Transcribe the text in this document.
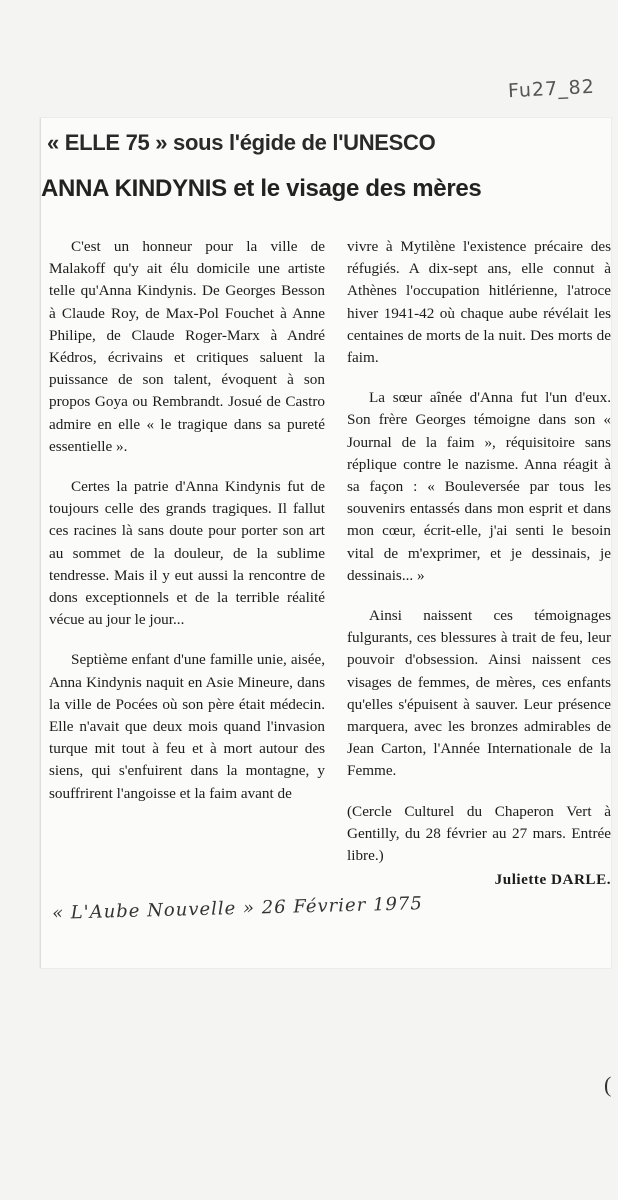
Fu27_82
« ELLE 75 » sous l'égide de l'UNESCO
ANNA KINDYNIS et le visage des mères

C'est un honneur pour la ville de Malakoff qu'y ait élu domicile une artiste telle qu'Anna Kindynis. De Georges Besson à Claude Roy, de Max-Pol Fouchet à Anne Philipe, de Claude Roger-Marx à André Kédros, écrivains et critiques saluent la puissance de son talent, évoquent à son propos Goya ou Rembrandt. Josué de Castro admire en elle « le tragique dans sa pureté essentielle ».

Certes la patrie d'Anna Kindynis fut de toujours celle des grands tragiques. Il fallut ces racines là sans doute pour porter son art au sommet de la douleur, de la sublime tendresse. Mais il y eut aussi la rencontre de dons exceptionnels et de la terrible réalité vécue au jour le jour...

Septième enfant d'une famille unie, aisée, Anna Kindynis naquit en Asie Mineure, dans la ville de Pocées où son père était médecin. Elle n'avait que deux mois quand l'invasion turque mit tout à feu et à mort autour des siens, qui s'enfuirent dans la montagne, y souffrirent l'angoisse et la faim avant de

vivre à Mytilène l'existence précaire des réfugiés. A dix-sept ans, elle connut à Athènes l'occupation hitlérienne, l'atroce hiver 1941-42 où chaque aube révélait les centaines de morts de la nuit. Des morts de faim.

La sœur aînée d'Anna fut l'un d'eux. Son frère Georges témoigne dans son « Journal de la faim », réquisitoire sans réplique contre le nazisme. Anna réagit à sa façon : « Bouleversée par tous les souvenirs entassés dans mon esprit et dans mon cœur, écrit-elle, j'ai senti le besoin vital de m'exprimer, et je dessinais, je dessinais... »

Ainsi naissent ces témoignages fulgurants, ces blessures à trait de feu, leur pouvoir d'obsession. Ainsi naissent ces visages de femmes, de mères, ces enfants qu'elles s'épuisent à sauver. Leur présence marquera, avec les bronzes admirables de Jean Carton, l'Année Internationale de la Femme.

(Cercle Culturel du Chaperon Vert à Gentilly, du 28 février au 27 mars. Entrée libre.)

Juliette DARLE.

« L'Aube Nouvelle » 26 Février 1975
(
